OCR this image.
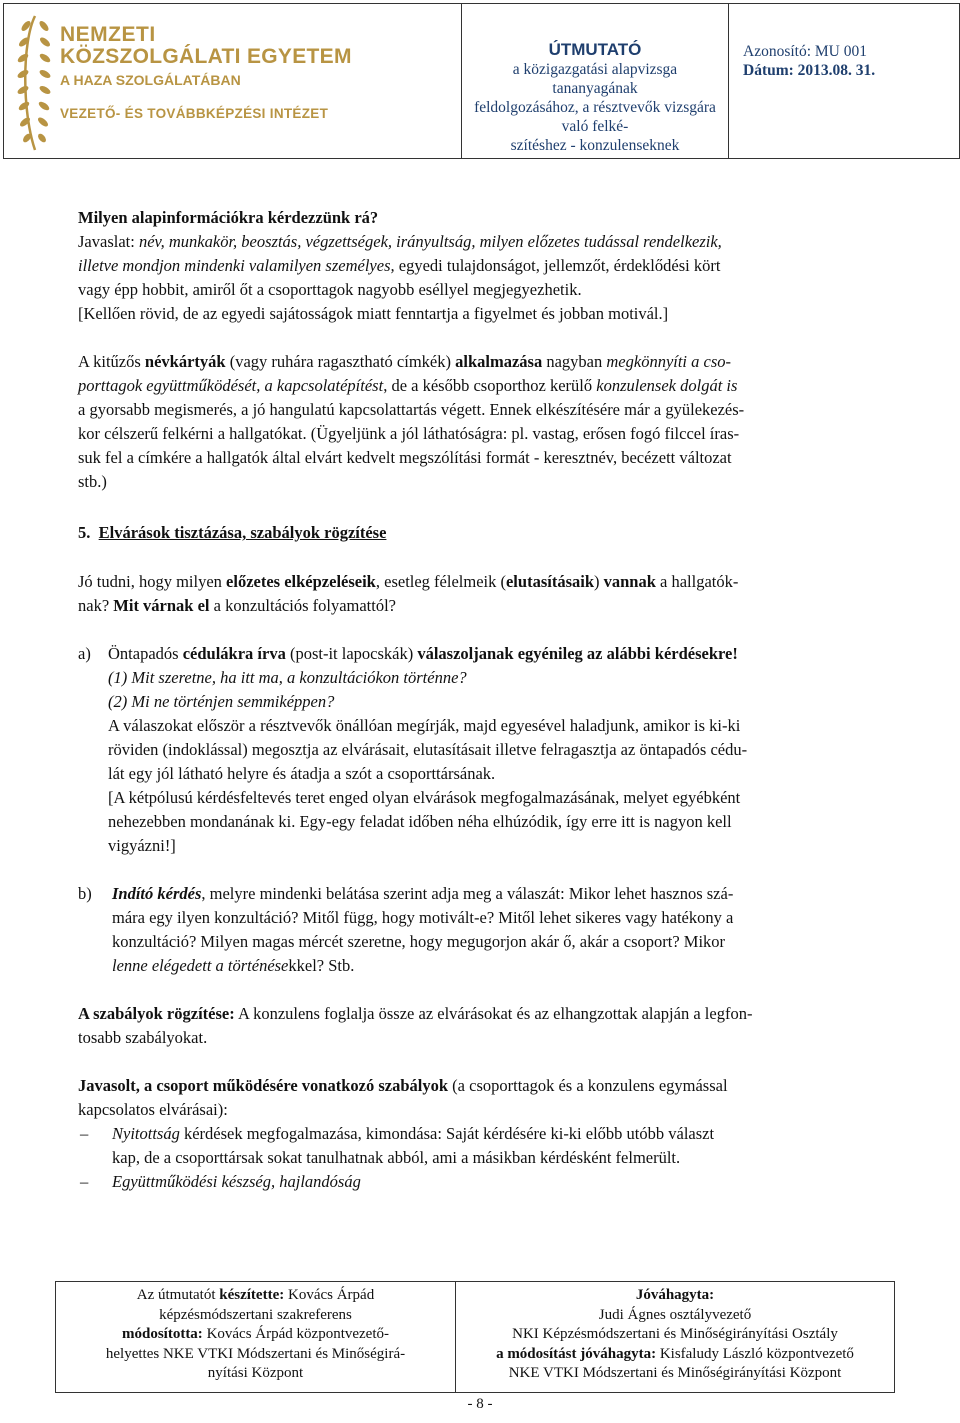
NEMZETI
KÖZSZOLGÁLATI EGYETEM
A HAZA SZOLGÁLATÁBAN
VEZETŐ- ÉS TOVÁBBKÉPZÉSI INTÉZET
ÚTMUTATÓ
a közigazgatási alapvizsga tananyagának
feldolgozásához, a résztvevők vizsgára való felké-
szítéshez - konzulenseknek
Azonosító: MU 001
Dátum: 2013.08. 31.
Milyen alapinformációkra kérdezzünk rá?
Javaslat: név, munkakör, beosztás, végzettségek, irányultság, milyen előzetes tudással rendelkezik,
illetve mondjon mindenki valamilyen személyes, egyedi tulajdonságot, jellemzőt, érdeklődési kört
vagy épp hobbit, amiről őt a csoporttagok nagyobb eséllyel megjegyezhetik.
[Kellően rövid, de az egyedi sajátosságok miatt fenntartja a figyelmet és jobban motivál.]
A kitűzős névkártyák (vagy ruhára ragasztható címkék) alkalmazása nagyban megkönnyíti a cso-
porttagok együttműködését, a kapcsolatépítést, de a később csoporthoz kerülő konzulensek dolgát is
a gyorsabb megismerés, a jó hangulatú kapcsolattartás végett. Ennek elkészítésére már a gyülekezés-
kor célszerű felkérni a hallgatókat. (Ügyeljünk a jól láthatóságra: pl. vastag, erősen fogó filccel íras-
suk fel a címkére a hallgatók által elvárt kedvelt megszólítási formát - keresztnév, becézett változat
stb.)
5. Elvárások tisztázása, szabályok rögzítése
Jó tudni, hogy milyen előzetes elképzeléseik, esetleg félelmeik (elutasításaik) vannak a hallgatók-
nak? Mit várnak el a konzultációs folyamattól?
a) Öntapadós cédulákra írva (post-it lapocskák) válaszoljanak egyénileg az alábbi kérdésekre!
(1) Mit szeretne, ha itt ma, a konzultációkon történne?
(2) Mi ne történjen semmiképpen?
A válaszokat először a résztvevők önállóan megírják, majd egyesével haladjunk, amikor is ki-ki
röviden (indoklással) megosztja az elvárásait, elutasításait illetve felragasztja az öntapadós cédu-
lát egy jól látható helyre és átadja a szót a csoporttársának.
[A kétpólusú kérdésfeltevés teret enged olyan elvárások megfogalmazásának, melyet egyébként
nehezebben mondanának ki. Egy-egy feladat időben néha elhúzódik, így erre itt is nagyon kell
vigyázni!]
b) Indító kérdés, melyre mindenki belátása szerint adja meg a válaszát: Mikor lehet hasznos szá-
mára egy ilyen konzultáció? Mitől függ, hogy motivált-e? Mitől lehet sikeres vagy hatékony a
konzultáció? Milyen magas mércét szeretne, hogy megugorjon akár ő, akár a csoport? Mikor
lenne elégedett a történésekkel? Stb.
A szabályok rögzítése: A konzulens foglalja össze az elvárásokat és az elhangzottak alapján a legfon-
tosabb szabályokat.
Javasolt, a csoport működésére vonatkozó szabályok (a csoporttagok és a konzulens egymással
kapcsolatos elvárásai):
– Nyitottság kérdések megfogalmazása, kimondása: Saját kérdésére ki-ki előbb utóbb választ
kap, de a csoporttársak sokat tanulhatnak abból, ami a másikban kérdésként felmerült.
– Együttműködési készség, hajlandóság
Az útmutatót készítette: Kovács Árpád
képzésmódszertani szakreferens
módosította: Kovács Árpád központvezető-
helyettes NKE VTKI Módszertani és Minőségirá-
nyítási Központ
Jóváhagyta:
Judi Ágnes osztályvezető
NKI Képzésmódszertani és Minőségirányítási Osztály
a módosítást jóváhagyta: Kisfaludy László központvezető
NKE VTKI Módszertani és Minőségirányítási Központ
- 8 -
